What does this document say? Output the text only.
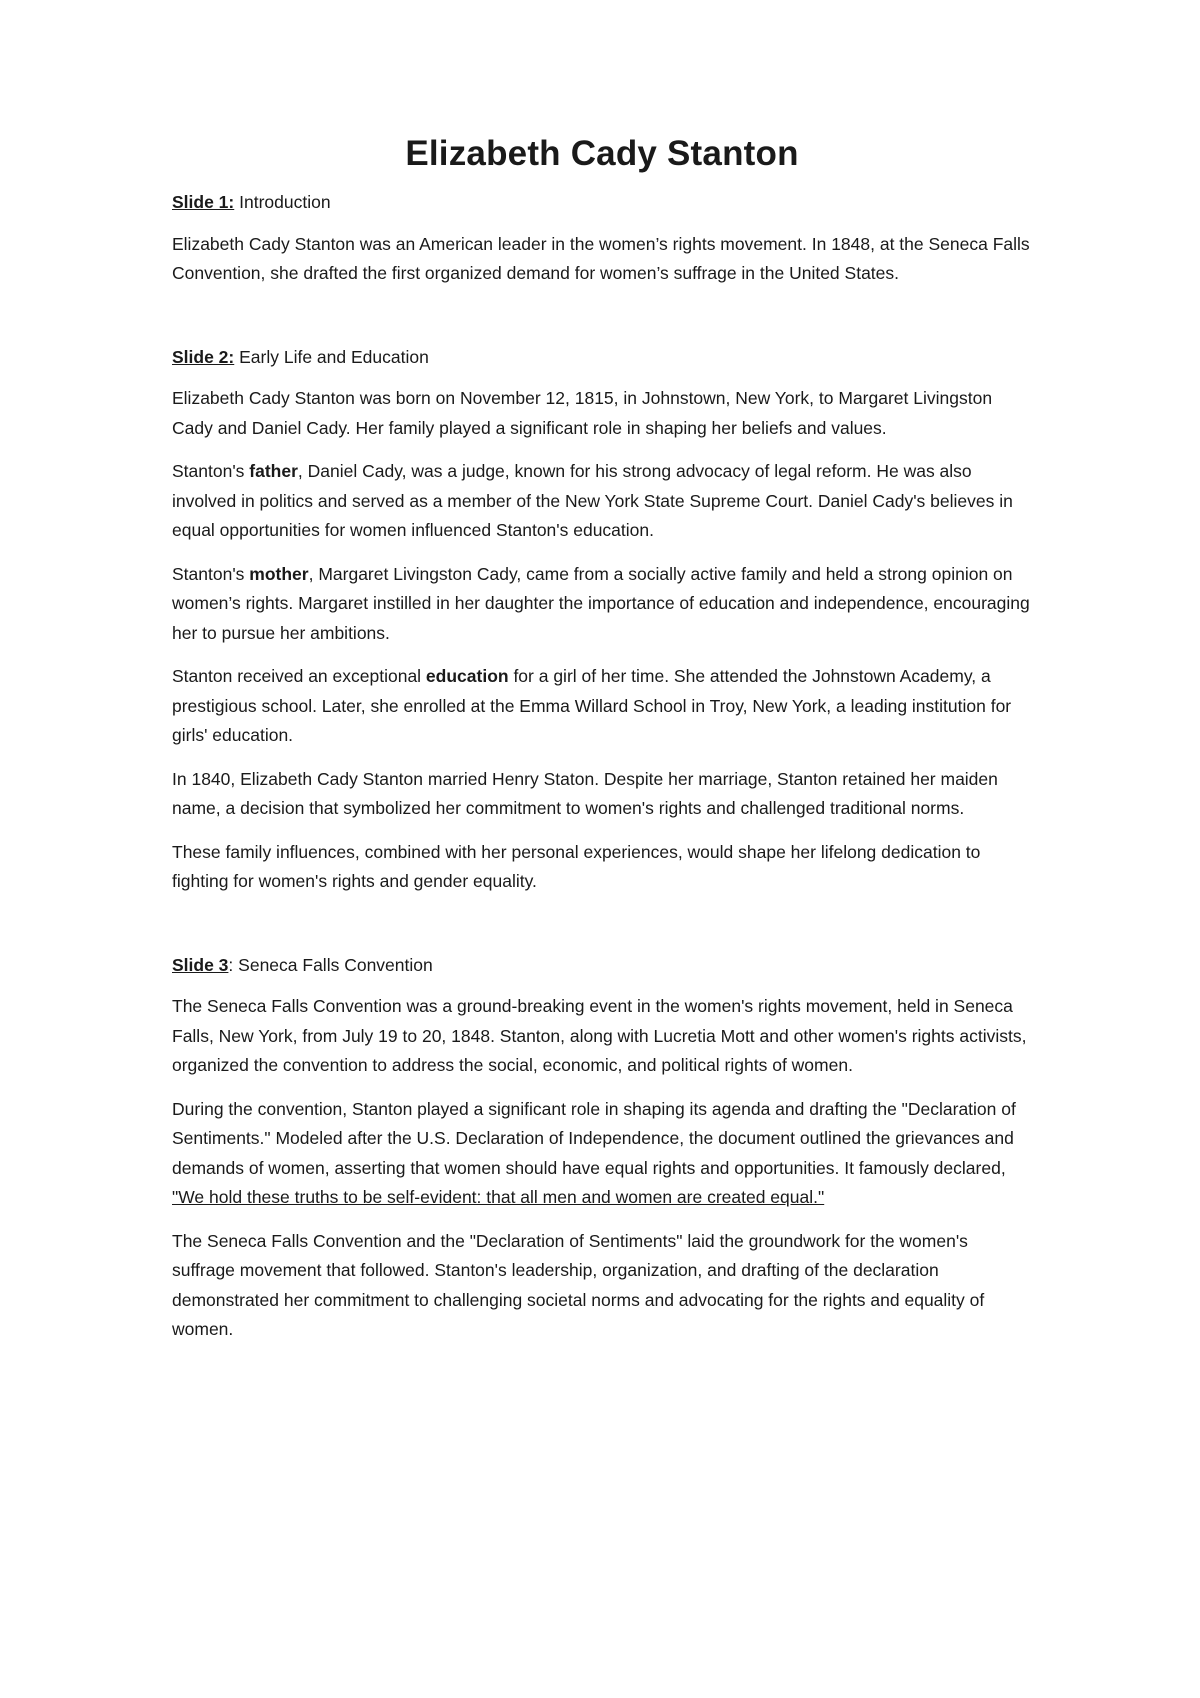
Elizabeth Cady Stanton
Slide 1: Introduction

Elizabeth Cady Stanton was an American leader in the women’s rights movement. In 1848, at the Seneca Falls Convention, she drafted the first organized demand for women’s suffrage in the United States.

Slide 2: Early Life and Education

Elizabeth Cady Stanton was born on November 12, 1815, in Johnstown, New York, to Margaret Livingston Cady and Daniel Cady. Her family played a significant role in shaping her beliefs and values.

Stanton's father, Daniel Cady, was a judge, known for his strong advocacy of legal reform. He was also involved in politics and served as a member of the New York State Supreme Court. Daniel Cady's believes in equal opportunities for women influenced Stanton's education.

Stanton's mother, Margaret Livingston Cady, came from a socially active family and held a strong opinion on women’s rights. Margaret instilled in her daughter the importance of education and independence, encouraging her to pursue her ambitions.

Stanton received an exceptional education for a girl of her time. She attended the Johnstown Academy, a prestigious school. Later, she enrolled at the Emma Willard School in Troy, New York, a leading institution for girls' education.

In 1840, Elizabeth Cady Stanton married Henry Staton. Despite her marriage, Stanton retained her maiden name, a decision that symbolized her commitment to women's rights and challenged traditional norms.

These family influences, combined with her personal experiences, would shape her lifelong dedication to fighting for women's rights and gender equality.

Slide 3: Seneca Falls Convention

The Seneca Falls Convention was a ground-breaking event in the women's rights movement, held in Seneca Falls, New York, from July 19 to 20, 1848. Stanton, along with Lucretia Mott and other women's rights activists, organized the convention to address the social, economic, and political rights of women.

During the convention, Stanton played a significant role in shaping its agenda and drafting the "Declaration of Sentiments." Modeled after the U.S. Declaration of Independence, the document outlined the grievances and demands of women, asserting that women should have equal rights and opportunities. It famously declared, "We hold these truths to be self-evident: that all men and women are created equal."

The Seneca Falls Convention and the "Declaration of Sentiments" laid the groundwork for the women's suffrage movement that followed. Stanton's leadership, organization, and drafting of the declaration demonstrated her commitment to challenging societal norms and advocating for the rights and equality of women.
